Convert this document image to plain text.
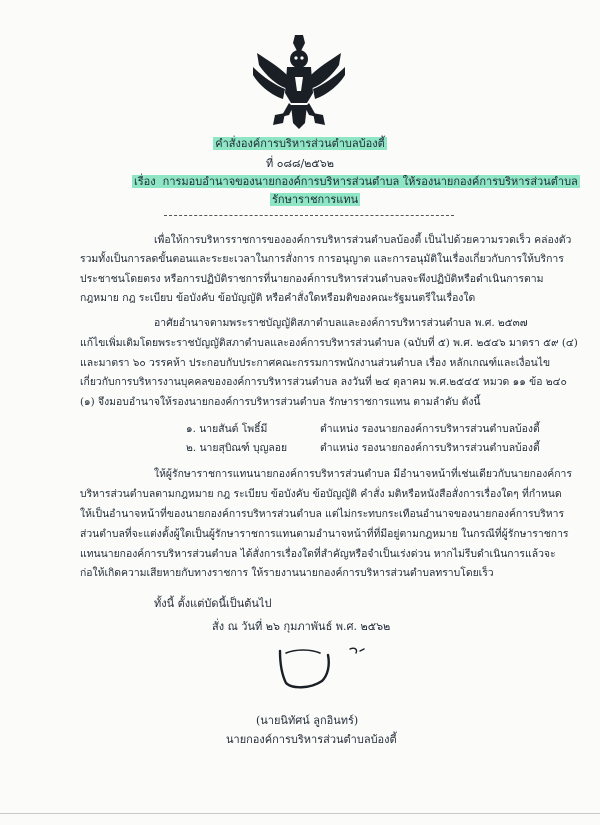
คำสั่งองค์การบริหารส่วนตำบลบ้องตี้
ที่ ๐๘๘/๒๕๖๒
เรื่อง การมอบอำนาจของนายกองค์การบริหารส่วนตำบล ให้รองนายกองค์การบริหารส่วนตำบล
รักษาราชการแทน
เพื่อให้การบริหารราชการขององค์การบริหารส่วนตำบลบ้องตี้ เป็นไปด้วยความรวดเร็ว คล่องตัว
รวมทั้งเป็นการลดขั้นตอนและระยะเวลาในการสั่งการ การอนุญาต และการอนุมัติในเรื่องเกี่ยวกับการให้บริการ
ประชาชนโดยตรง หรือการปฏิบัติราชการที่นายกองค์การบริหารส่วนตำบลจะพึงปฏิบัติหรือดำเนินการตาม
กฎหมาย กฎ ระเบียบ ข้อบังคับ ข้อบัญญัติ หรือคำสั่งใดหรือมติของคณะรัฐมนตรีในเรื่องใด
อาศัยอำนาจตามพระราชบัญญัติสภาตำบลและองค์การบริหารส่วนตำบล พ.ศ. ๒๕๓๗
แก้ไขเพิ่มเติมโดยพระราชบัญญัติสภาตำบลและองค์การบริหารส่วนตำบล (ฉบับที่ ๕) พ.ศ. ๒๕๔๖ มาตรา ๕๙ (๔)
และมาตรา ๖๐ วรรคห้า ประกอบกับประกาศคณะกรรมการพนักงานส่วนตำบล เรื่อง หลักเกณฑ์และเงื่อนไข
เกี่ยวกับการบริหารงานบุคคลขององค์การบริหารส่วนตำบล ลงวันที่ ๒๔ ตุลาคม พ.ศ.๒๕๔๕ หมวด ๑๑ ข้อ ๒๔๐
(๑) จึงมอบอำนาจให้รองนายกองค์การบริหารส่วนตำบล รักษาราชการแทน ตามลำดับ ดังนี้
๑. นายสันต์ โพธิ์มี	ตำแหน่ง รองนายกองค์การบริหารส่วนตำบลบ้องตี้
๒. นายสุบิณฑ์ บุญลอย	ตำแหน่ง รองนายกองค์การบริหารส่วนตำบลบ้องตี้
ให้ผู้รักษาราชการแทนนายกองค์การบริหารส่วนตำบล มีอำนาจหน้าที่เช่นเดียวกับนายกองค์การ
บริหารส่วนตำบลตามกฎหมาย กฎ ระเบียบ ข้อบังคับ ข้อบัญญัติ คำสั่ง มติหรือหนังสือสั่งการเรื่องใดๆ ที่กำหนด
ให้เป็นอำนาจหน้าที่ของนายกองค์การบริหารส่วนตำบล แต่ไม่กระทบกระเทือนอำนาจของนายกองค์การบริหาร
ส่วนตำบลที่จะแต่งตั้งผู้ใดเป็นผู้รักษาราชการแทนตามอำนาจหน้าที่ที่มีอยู่ตามกฎหมาย ในกรณีที่ผู้รักษาราชการ
แทนนายกองค์การบริหารส่วนตำบล ได้สั่งการเรื่องใดที่สำคัญหรือจำเป็นเร่งด่วน หากไม่รีบดำเนินการแล้วจะ
ก่อให้เกิดความเสียหายกับทางราชการ ให้รายงานนายกองค์การบริหารส่วนตำบลทราบโดยเร็ว
ทั้งนี้ ตั้งแต่บัดนี้เป็นต้นไป
สั่ง ณ วันที่ ๒๖ กุมภาพันธ์ พ.ศ. ๒๕๖๒
(นายนิทัศน์ ลูกอินทร์)
นายกองค์การบริหารส่วนตำบลบ้องตี้
